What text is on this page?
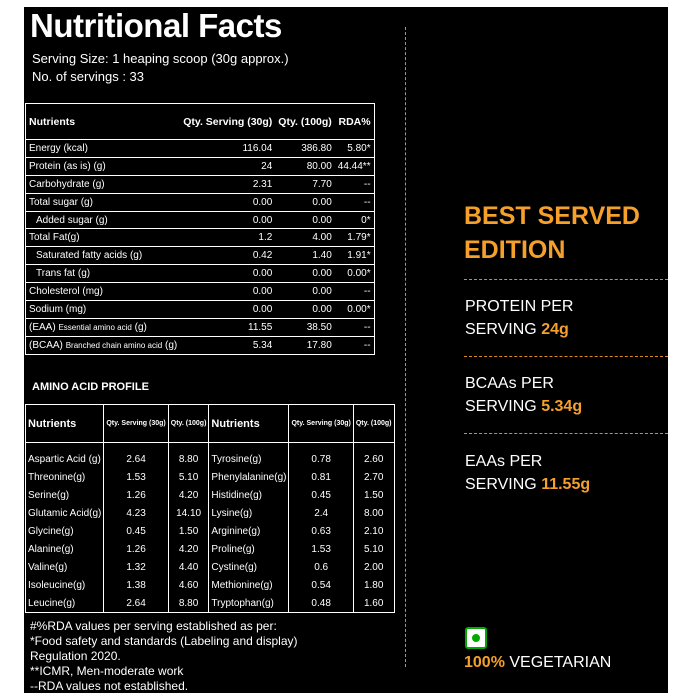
Nutritional Facts
Serving Size: 1 heaping scoop (30g approx.)
No. of servings : 33
Nutrients	Qty. Serving (30g)	Qty. (100g)	RDA%
Energy (kcal)	116.04	386.80	5.80*
Protein (as is) (g)	24	80.00	44.44**
Carbohydrate (g)	2.31	7.70	--
Total sugar (g)	0.00	0.00	--
Added sugar (g)	0.00	0.00	0*
Total Fat(g)	1.2	4.00	1.79*
Saturated fatty acids (g)	0.42	1.40	1.91*
Trans fat (g)	0.00	0.00	0.00*
Cholesterol (mg)	0.00	0.00	--
Sodium (mg)	0.00	0.00	0.00*
(EAA) Essential amino acid (g)	11.55	38.50	--
(BCAA) Branched chain amino acid (g)	5.34	17.80	--
AMINO ACID PROFILE
Nutrients	Qty. Serving (30g)	Qty. (100g)	Nutrients	Qty. Serving (30g)	Qty. (100g)

Aspartic Acid (g)	2.64	8.80	Tyrosine(g)	0.78	2.60
Threonine(g)	1.53	5.10	Phenylalanine(g)	0.81	2.70
Serine(g)	1.26	4.20	Histidine(g)	0.45	1.50
Glutamic Acid(g)	4.23	14.10	Lysine(g)	2.4	8.00
Glycine(g)	0.45	1.50	Arginine(g)	0.63	2.10
Alanine(g)	1.26	4.20	Proline(g)	1.53	5.10
Valine(g)	1.32	4.40	Cystine(g)	0.6	2.00
Isoleucine(g)	1.38	4.60	Methionine(g)	0.54	1.80
Leucine(g)	2.64	8.80	Tryptophan(g)	0.48	1.60
#%RDA values per serving established as per:
*Food safety and standards (Labeling and display)
Regulation 2020.
**ICMR, Men-moderate work
--RDA values not established.
BEST SERVED
EDITION
PROTEIN PER
SERVING 24g
BCAAs PER
SERVING 5.34g
EAAs PER
SERVING 11.55g
100% VEGETARIAN
